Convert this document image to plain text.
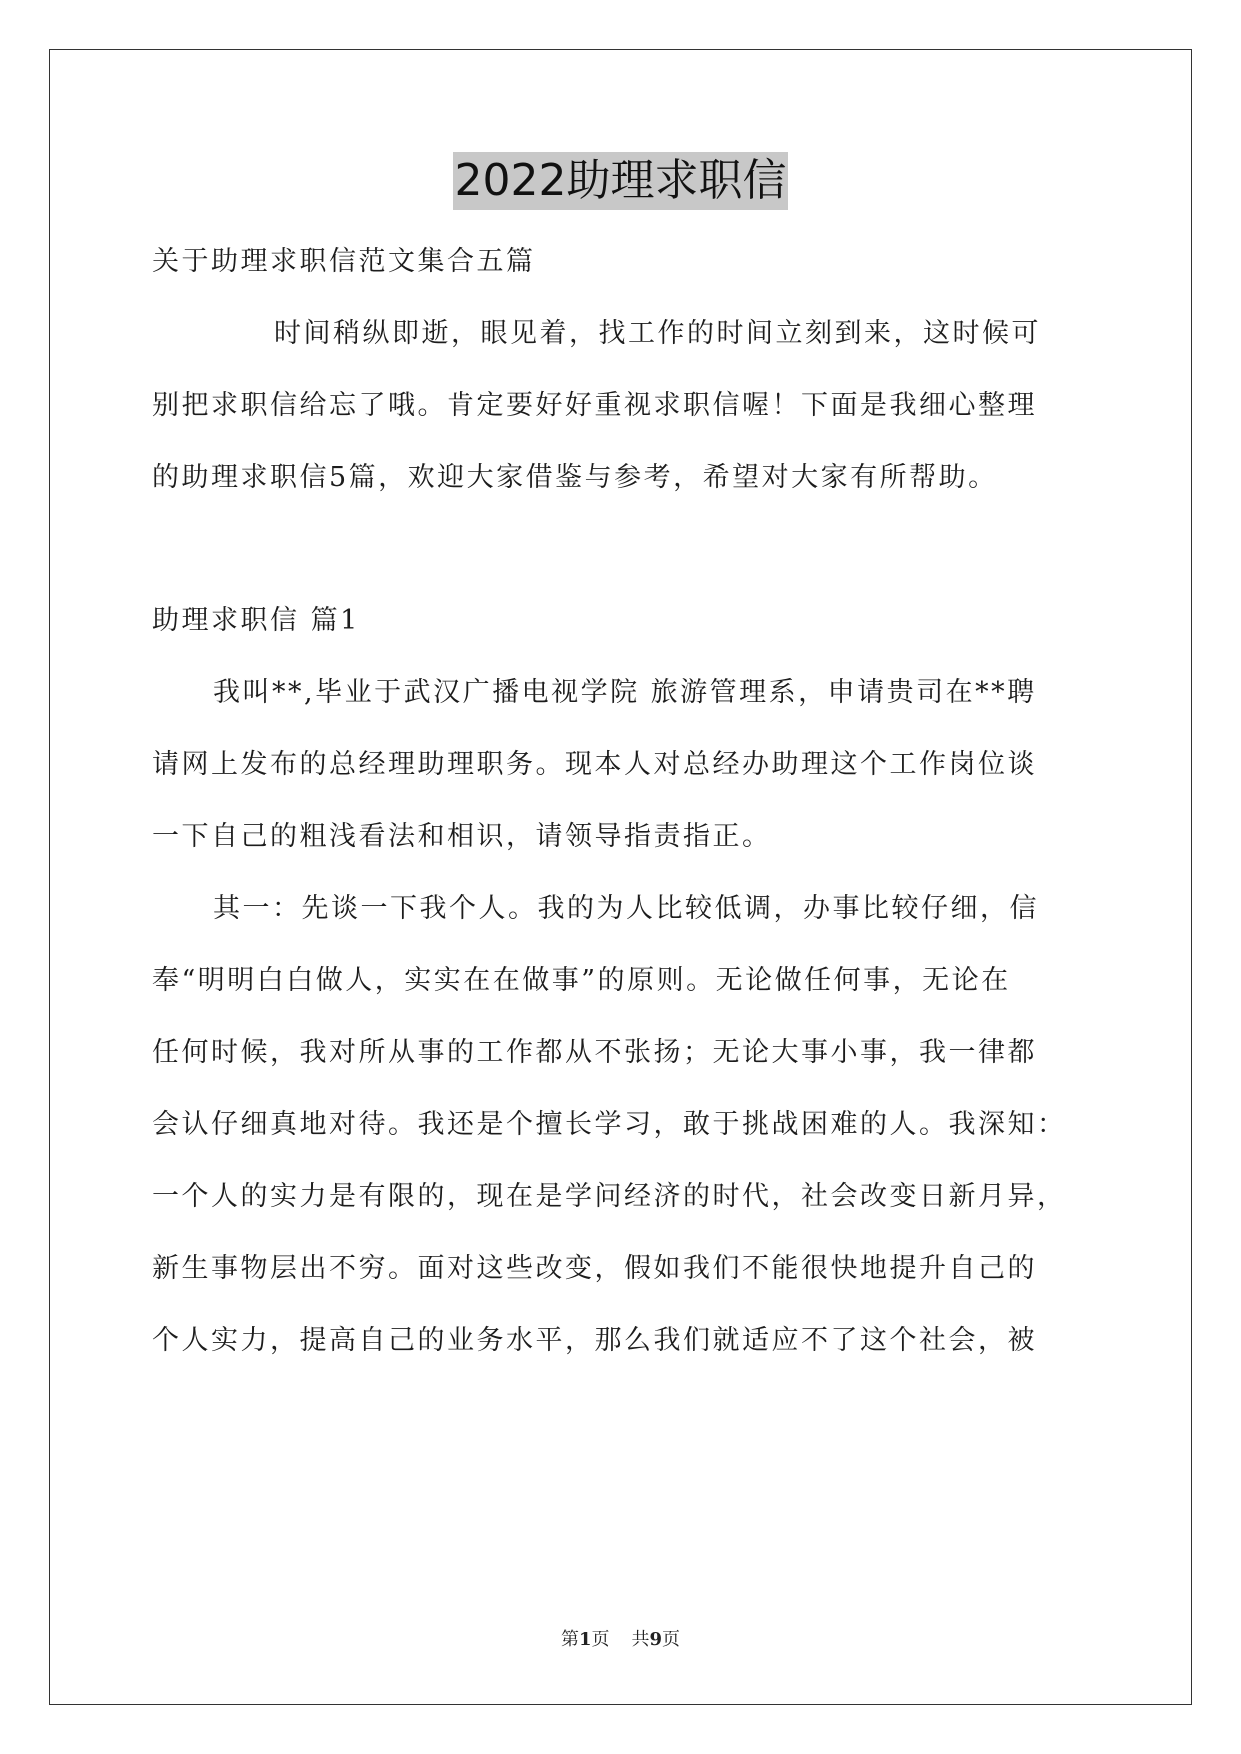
2022助理求职信
关于助理求职信范文集合五篇
时间稍纵即逝，眼见着，找工作的时间立刻到来，这时候可
别把求职信给忘了哦。肯定要好好重视求职信喔！下面是我细心整理
的助理求职信5篇，欢迎大家借鉴与参考，希望对大家有所帮助。
助理求职信 篇1
我叫**,毕业于武汉广播电视学院 旅游管理系，申请贵司在**聘
请网上发布的总经理助理职务。现本人对总经办助理这个工作岗位谈
一下自己的粗浅看法和相识，请领导指责指正。
其一：先谈一下我个人。我的为人比较低调，办事比较仔细，信
奉“明明白白做人，实实在在做事”的原则。无论做任何事，无论在
任何时候，我对所从事的工作都从不张扬；无论大事小事，我一律都
会认仔细真地对待。我还是个擅长学习，敢于挑战困难的人。我深知：
一个人的实力是有限的，现在是学问经济的时代，社会改变日新月异，
新生事物层出不穷。面对这些改变，假如我们不能很快地提升自己的
个人实力，提高自己的业务水平，那么我们就适应不了这个社会，被
第1页 共9页
